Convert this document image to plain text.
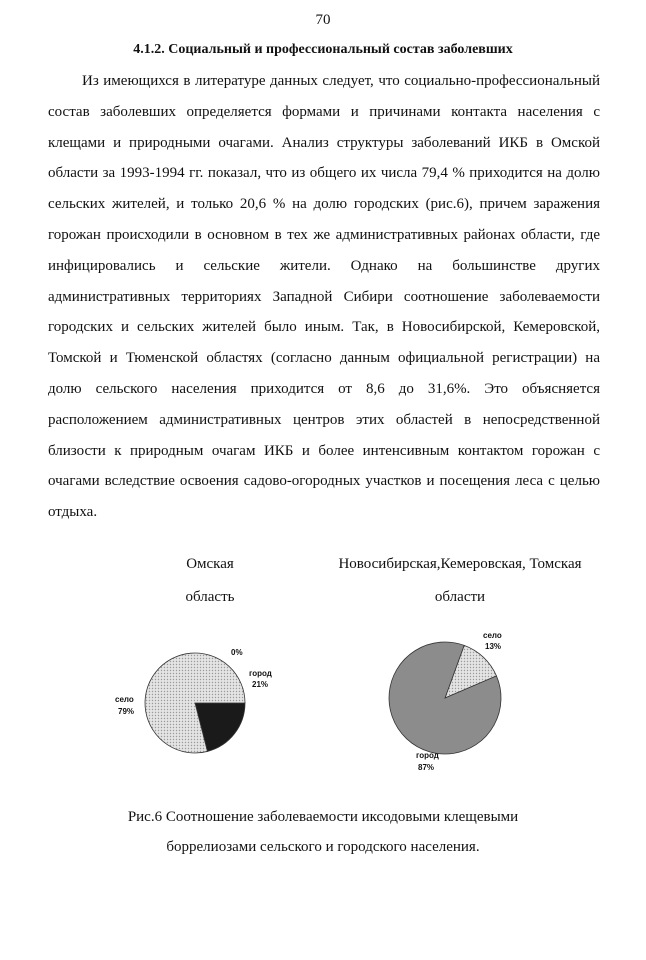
70
4.1.2. Социальный и профессиональный состав заболевших

Из имеющихся в литературе данных следует, что социально-профессиональный состав заболевших определяется формами и причинами контакта населения с клещами и природными очагами. Анализ структуры заболеваний ИКБ в Омской области за 1993-1994 гг. показал, что из общего их числа 79,4 % приходится на долю сельских жителей, и только 20,6 % на долю городских (рис.6), причем заражения горожан происходили в основном в тех же административных районах области, где инфицировались и сельские жители. Однако на большинстве других административных территориях Западной Сибири соотношение заболеваемости городских и сельских жителей было иным. Так, в Новосибирской, Кемеровской, Томской и Тюменской областях (согласно данным официальной регистрации) на долю сельского населения приходится от 8,6 до 31,6%. Это объясняется расположением административных центров этих областей в непосредственной близости к природным очагам ИКБ и более интенсивным контактом горожан с очагами вследствие освоения садово-огородных участков и посещения леса с целью отдыха.

Омская
область
Новосибирская,Кемеровская, Томская
области
0%
город
21%
село
79%
село
13%
город
87%
Рис.6 Соотношение заболеваемости иксодовыми клещевыми
боррелиозами сельского и городского населения.
